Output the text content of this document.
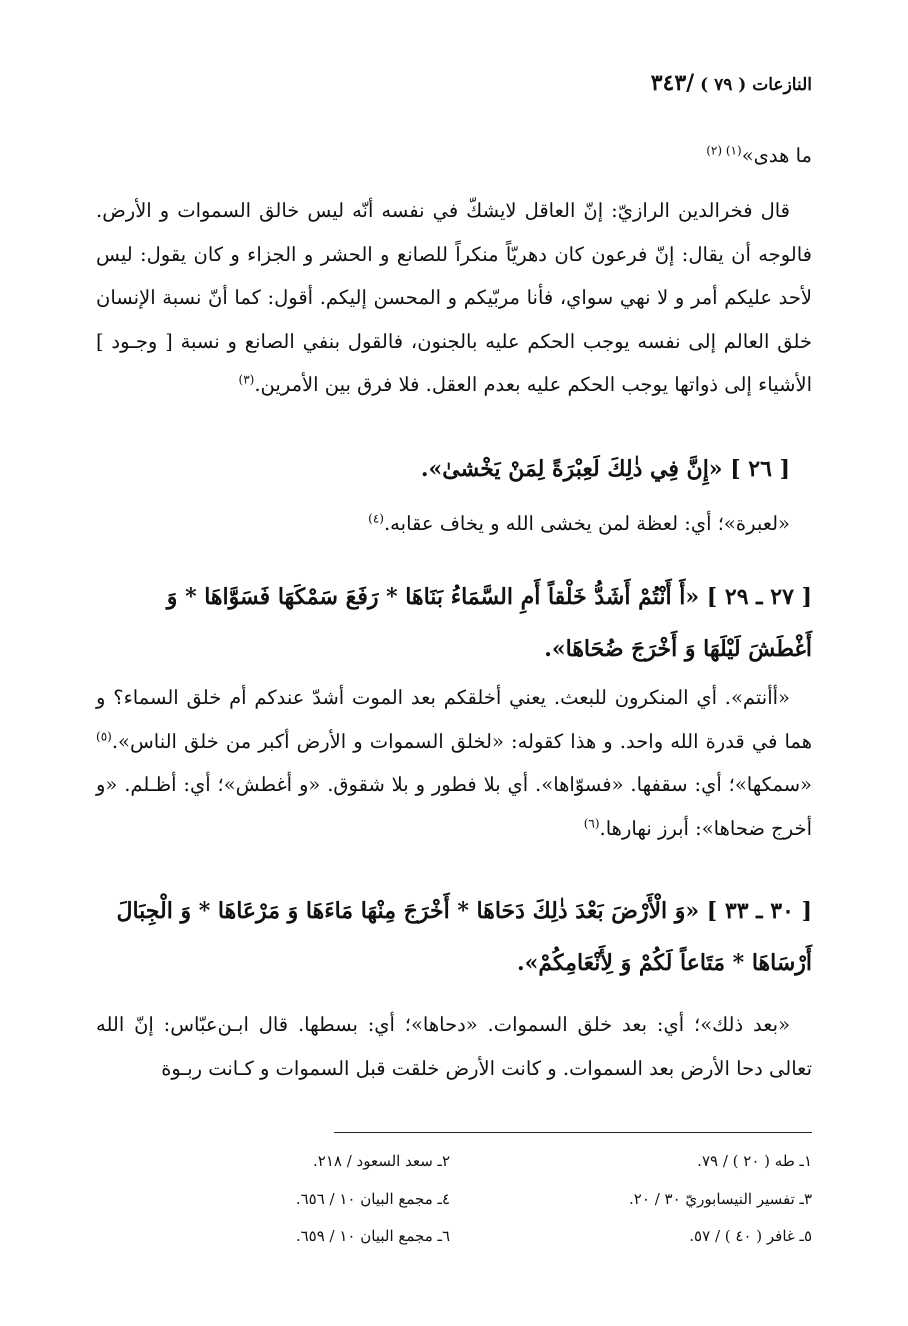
النازعات ( ٧٩ ) /٣٤٣
ما هدى»$^{(١) (٢)}$
قال فخرالدين الرازيّ: إنّ العاقل لايشكّ في نفسه أنّه ليس خالق السموات و الأرض. فالوجه أن يقال: إنّ فرعون كان دهريّاً منكراً للصانع و الحشر و الجزاء و كان يقول: ليس لأحد عليكم أمر و لا نهي سواي، فأنا مربّيكم و المحسن إليكم. أقول: كما أنّ نسبة الإنسان خلق العالم إلى نفسه يوجب الحكم عليه بالجنون، فالقول بنفي الصانع و نسبة [ وجـود ] الأشياء إلى ذواتها يوجب الحكم عليه بعدم العقل. فلا فرق بين الأمرين.$^{(٣)}$
[ ٢٦ ] «إِنَّ فِي ذٰلِكَ لَعِبْرَةً لِمَنْ يَخْشىٰ».
«لعبرة»؛ أي: لعظة لمن يخشى الله و يخاف عقابه.$^{(٤)}$
[ ٢٧ ـ ٢٩ ] «أَ أَنْتُمْ أَشَدُّ خَلْقاً أَمِ السَّمَاءُ بَنَاهَا * رَفَعَ سَمْكَهَا فَسَوَّاهَا * وَ أَغْطَشَ لَيْلَهَا وَ أَخْرَجَ ضُحَاهَا».
«أأنتم». أي المنكرون للبعث. يعني أخلقكم بعد الموت أشدّ عندكم أم خلق السماء؟ و هما في قدرة الله واحد. و هذا كقوله: «لخلق السموات و الأرض أكبر من خلق الناس».$^{(٥)}$ «سمكها»؛ أي: سقفها. «فسوّاها». أي بلا فطور و بلا شقوق. «و أغطش»؛ أي: أظـلم. «و أخرج ضحاها»: أبرز نهارها.$^{(٦)}$
[ ٣٠ ـ ٣٣ ] «وَ الْأَرْضَ بَعْدَ ذٰلِكَ دَحَاهَا * أَخْرَجَ مِنْهَا مَاءَهَا وَ مَرْعَاهَا * وَ الْجِبَالَ أَرْسَاهَا * مَتَاعاً لَكُمْ وَ لِأَنْعَامِكُمْ».
«بعد ذلك»؛ أي: بعد خلق السموات. «دحاها»؛ أي: بسطها. قال ابـن‌عبّاس: إنّ الله تعالى دحا الأرض بعد السموات. و كانت الأرض خلقت قبل السموات و كـانت ربـوة
١ـ طه ( ٢٠ ) / ٧٩.
٢ـ سعد السعود / ٢١٨.
٣ـ تفسير النيسابوريّ ٣٠ / ٢٠.
٤ـ مجمع البيان ١٠ / ٦٥٦.
٥ـ غافر ( ٤٠ ) / ٥٧.
٦ـ مجمع البيان ١٠ / ٦٥٩.
